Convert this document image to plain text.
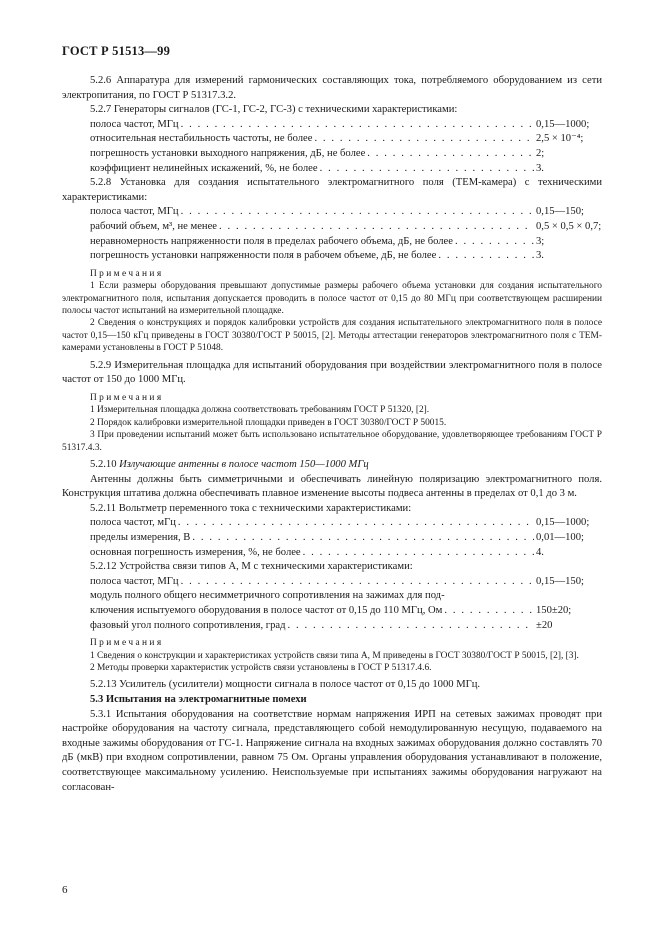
ГОСТ Р 51513—99
5.2.6 Аппаратура для измерений гармонических составляющих тока, потребляемого оборудованием из сети электропитания, по ГОСТ Р 51317.3.2.
5.2.7 Генераторы сигналов (ГС-1, ГС-2, ГС-3) с техническими характеристиками:
полоса частот, МГц . . .	0,15—1000;
относительная нестабильность частоты, не более . . .	2,5 × 10⁻⁴;
погрешность установки выходного напряжения, дБ, не более . . .	2;
коэффициент нелинейных искажений, %, не более . . .	3.
5.2.8 Установка для создания испытательного электромагнитного поля (ТЕМ-камера) с техническими характеристиками:
полоса частот, МГц . . .	0,15—150;
рабочий объем, м³, не менее . . .	0,5 × 0,5 × 0,7;
неравномерность напряженности поля в пределах рабочего объема, дБ, не более . . .	3;
погрешность установки напряженности поля в рабочем объеме, дБ, не более . . .	3.
Примечания
1 Если размеры оборудования превышают допустимые размеры рабочего объема установки для создания испытательного электромагнитного поля, испытания допускается проводить в полосе частот от 0,15 до 80 МГц при соответствующем расширении полосы частот испытаний на измерительной площадке.
2 Сведения о конструкциях и порядок калибровки устройств для создания испытательного электромагнитного поля в полосе частот 0,15—150 кГц приведены в ГОСТ 30380/ГОСТ Р 50015, [2]. Методы аттестации генераторов электромагнитного поля с ТЕМ-камерами установлены в ГОСТ Р 51048.
5.2.9 Измерительная площадка для испытаний оборудования при воздействии электромагнитного поля в полосе частот от 150 до 1000 МГц.
Примечания
1 Измерительная площадка должна соответствовать требованиям ГОСТ Р 51320, [2].
2 Порядок калибровки измерительной площадки приведен в ГОСТ 30380/ГОСТ Р 50015.
3 При проведении испытаний может быть использовано испытательное оборудование, удовлетворяющее требованиям ГОСТ Р 51317.4.3.
5.2.10 Излучающие антенны в полосе частот 150—1000 МГц
Антенны должны быть симметричными и обеспечивать линейную поляризацию электромагнитного поля. Конструкция штатива должна обеспечивать плавное изменение высоты подвеса антенны в пределах от 0,1 до 3 м.
5.2.11 Вольтметр переменного тока с техническими характеристиками:
полоса частот, мГц . . .	0,15—1000;
пределы измерения, В . . .	0,01—100;
основная погрешность измерения, %, не более . . .	4.
5.2.12 Устройства связи типов А, М с техническими характеристиками:
полоса частот, МГц . . .	0,15—150;
модуль полного общего несимметричного сопротивления на зажимах для под-
ключения испытуемого оборудования в полосе частот от 0,15 до 110 МГц, Ом . . .	150±20;
фазовый угол полного сопротивления, град . . .	±20
Примечания
1 Сведения о конструкции и характеристиках устройств связи типа А, М приведены в ГОСТ 30380/ГОСТ Р 50015, [2], [3].
2 Методы проверки характеристик устройств связи установлены в ГОСТ Р 51317.4.6.
5.2.13 Усилитель (усилители) мощности сигнала в полосе частот от 0,15 до 1000 МГц.
5.3 Испытания на электромагнитные помехи
5.3.1 Испытания оборудования на соответствие нормам напряжения ИРП на сетевых зажимах проводят при настройке оборудования на частоту сигнала, представляющего собой немодулированную несущую, подаваемого на входные зажимы оборудования от ГС-1. Напряжение сигнала на входных зажимах оборудования должно составлять 70 дБ (мкВ) при входном сопротивлении, равном 75 Ом. Органы управления оборудования устанавливают в положение, соответствующее максимальному усилению. Неиспользуемые при испытаниях зажимы оборудования нагружают на согласован-
6
